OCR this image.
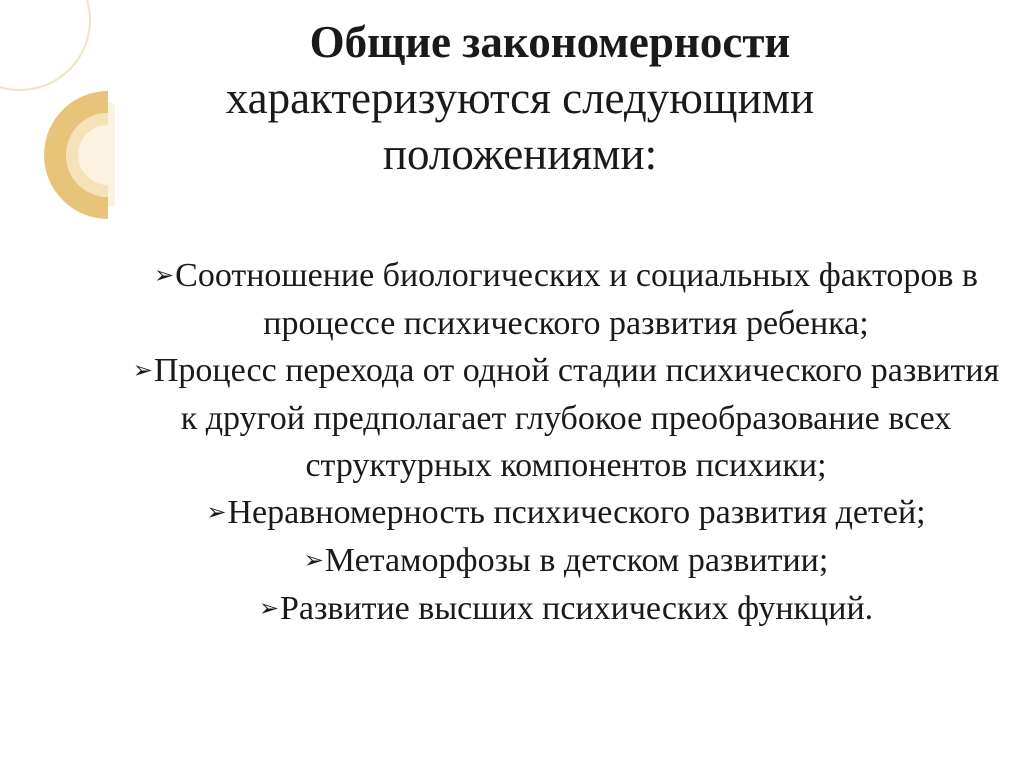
Общие закономерности

характеризуются следующими

положениями:

➢Соотношение биологических и социальных факторов в процессе психического развития ребенка;
➢Процесс перехода от одной стадии психического развития к другой предполагает глубокое преобразование всех структурных компонентов психики;
➢Неравномерность психического развития детей;
➢Метаморфозы в детском развитии;
➢Развитие высших психических функций.
